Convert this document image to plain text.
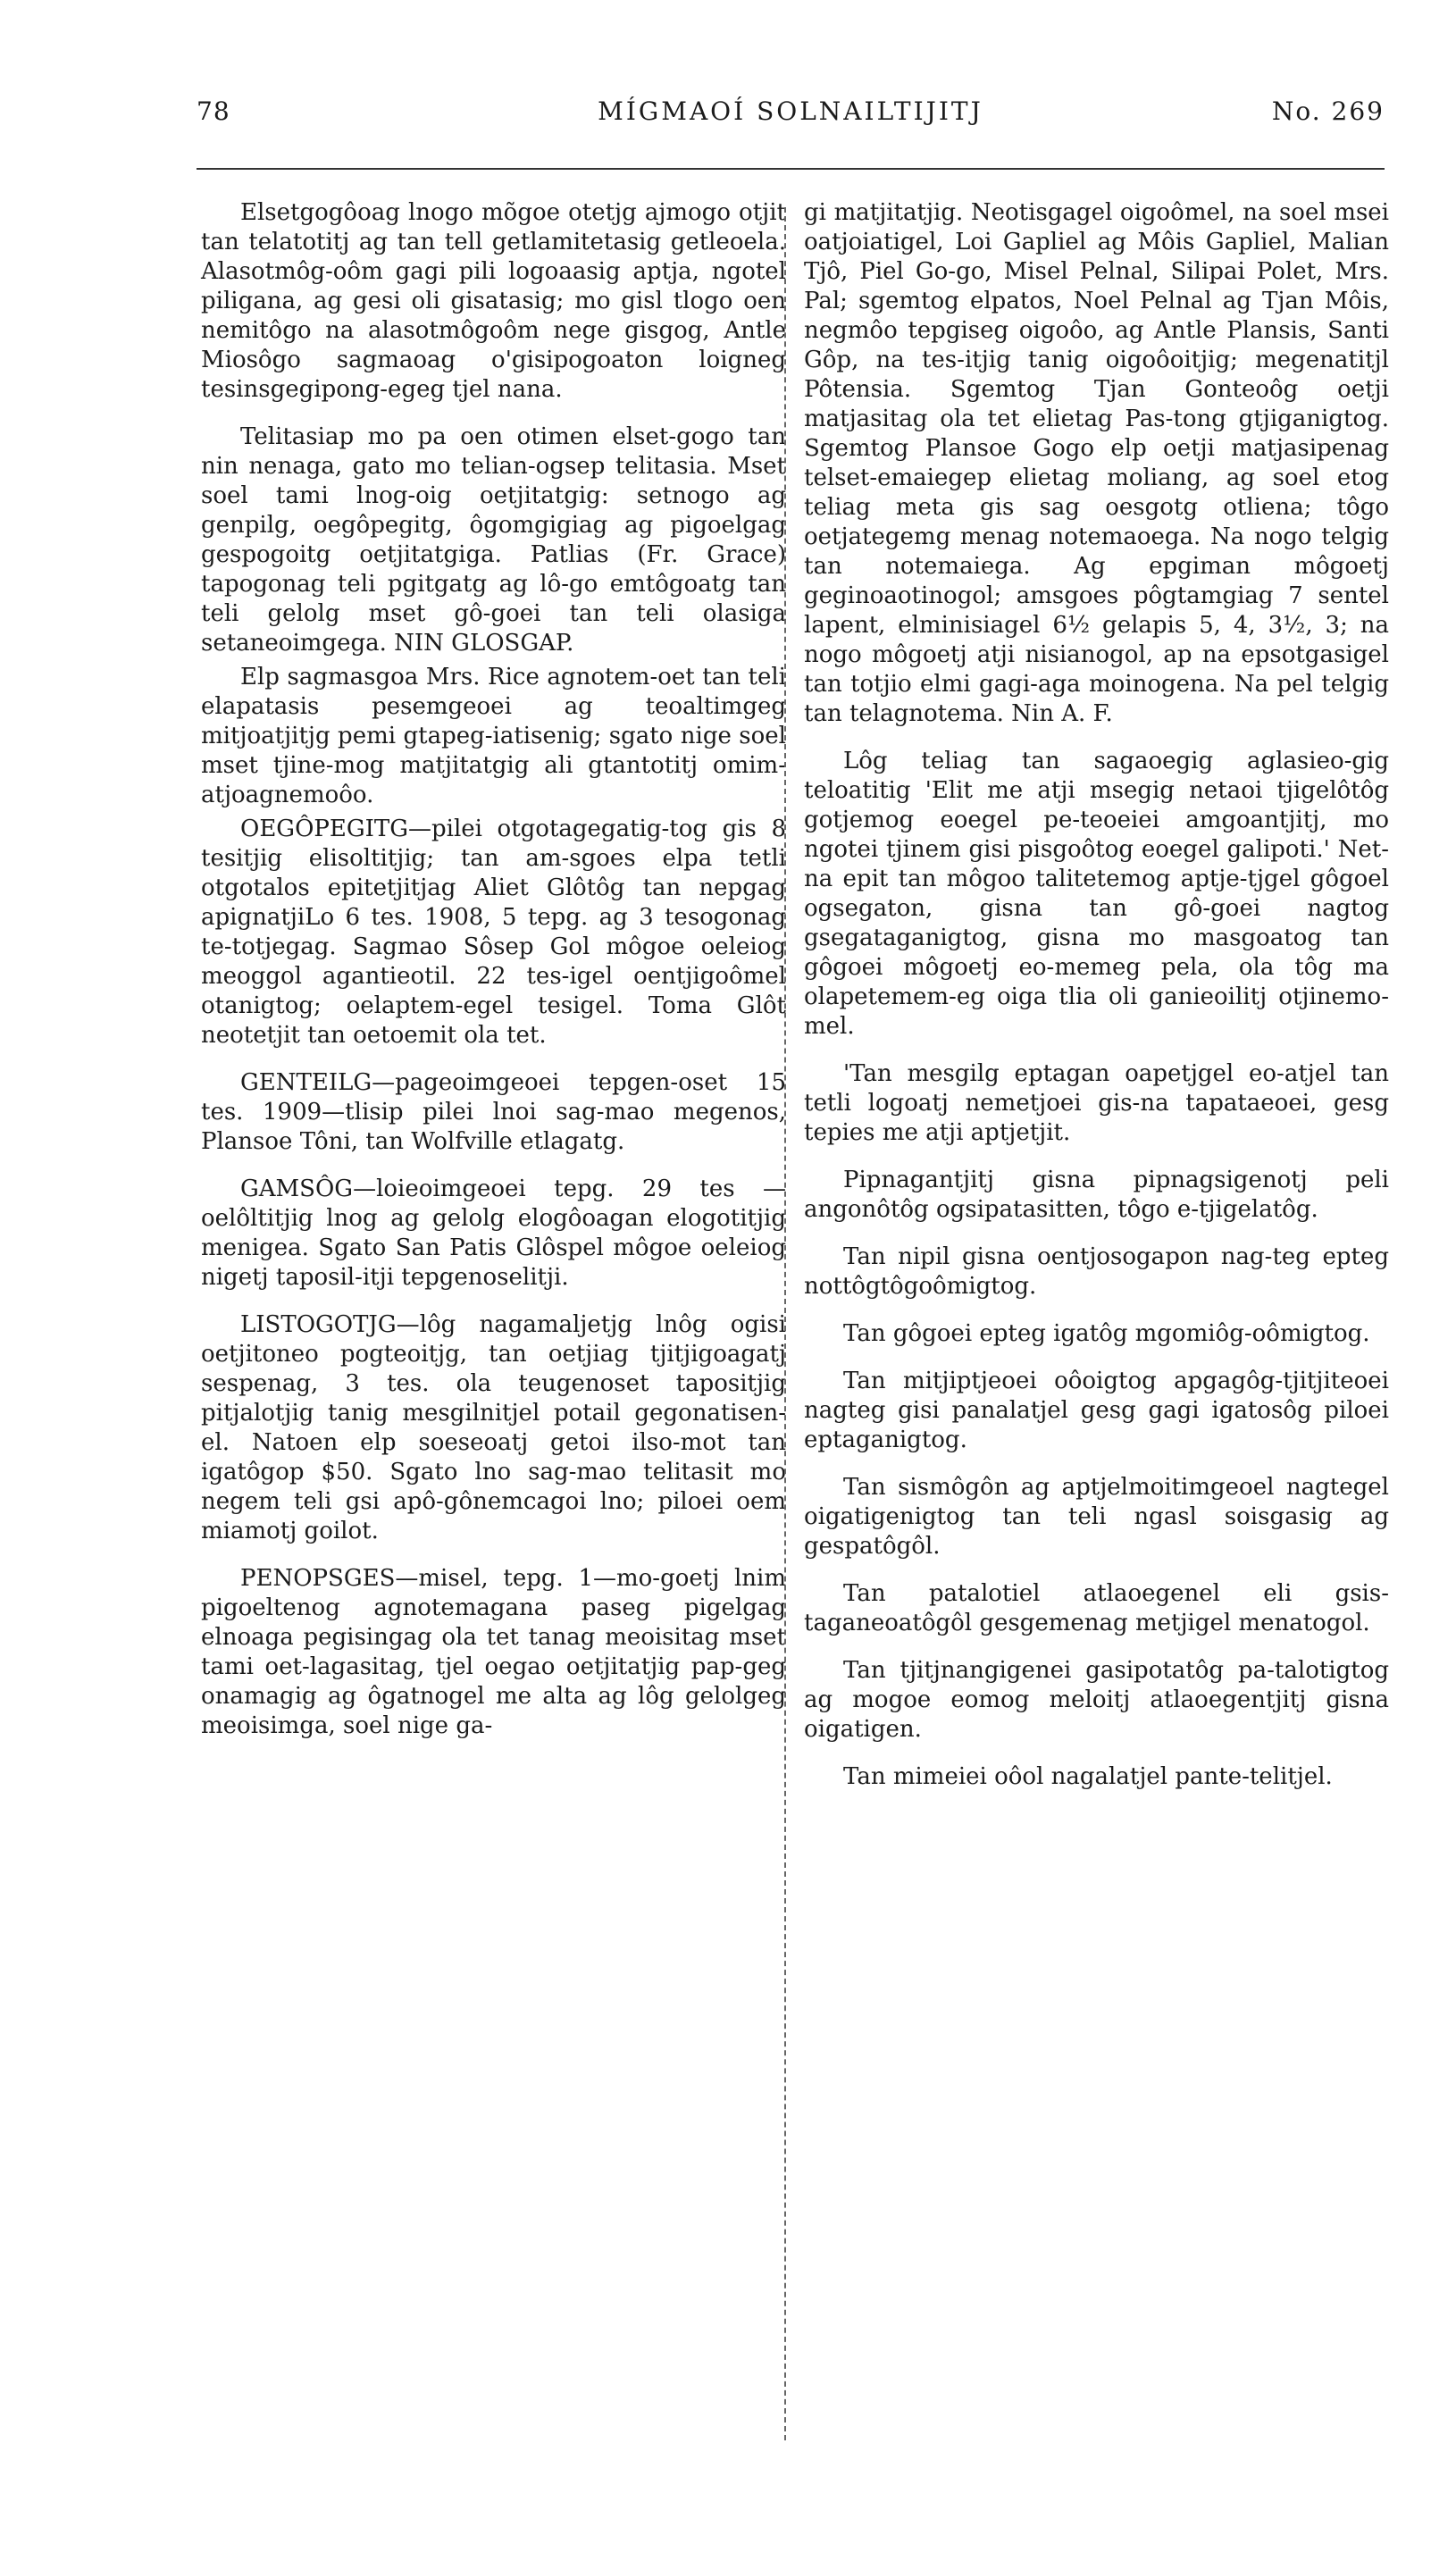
78	MÍGMAOÍ SOLNAILTIJITJ	No. 269

Elsetgogôoag lnogo mõgoe otetjg ajmogo otjit tan telatotitj ag tan tell getlamitetasig getleoela. Alasotmôg-oôm gagi pili logoaasig aptja, ngotel piligana, ag gesi oli gisatasig; mo gisl tlogo oen nemitôgo na alasotmôgoôm nege gisgog, Antle Miosôgo sagmaoag o'gisipogoaton loigneg tesinsgegipong-egeg tjel nana.

Telitasiap mo pa oen otimen elset-gogo tan nin nenaga, gato mo telian-ogsep telitasia. Mset soel tami lnog-oig oetjitatgig: setnogo ag genpilg, oegôpegitg, ôgomgigiag ag pigoelgag gespogoitg oetjitatgiga. Patlias (Fr. Grace) tapogonag teli pgitgatg ag lô-go emtôgoatg tan teli gelolg mset gô-goei tan teli olasiga setaneoimgega. NIN GLOSGAP.

Elp sagmasgoa Mrs. Rice agnotem-oet tan teli elapatasis pesemgeoei ag teoaltimgeg mitjoatjitjg pemi gtapeg-iatisenig; sgato nige soel mset tjine-mog matjitatgig ali gtantotitj omim-atjoagnemoôo.

OEGÔPEGITG—pilei otgotagegatig-tog gis 8 tesitjig elisoltitjig; tan am-sgoes elpa tetli otgotalos epitetjitjag Aliet Glôtôg tan nepgag apignatjiLo 6 tes. 1908, 5 tepg. ag 3 tesogonag te-totjegag. Sagmao Sôsep Gol môgoe oeleiog meoggol agantieotil. 22 tes-igel oentjigoômel otanigtog; oelaptem-egel tesigel. Toma Glôt neotetjit tan oetoemit ola tet.

GENTEILG—pageoimgeoei tepgen-oset 15 tes. 1909—tlisip pilei lnoi sag-mao megenos, Plansoe Tôni, tan Wolfville etlagatg.

GAMSÔG—loieoimgeoei tepg. 29 tes —oelôltitjig lnog ag gelolg elogôoagan elogotitjig menigea. Sgato San Patis Glôspel môgoe oeleiog nigetj taposil-itji tepgenoselitji.

LISTOGOTJG—lôg nagamaljetjg lnôg ogisi oetjitoneo pogteoitjg, tan oetjiag tjitjigoagatj sespenag, 3 tes. ola teugenoset tapositjig pitjalotjig tanig mesgilnitjel potail gegonatisen-el. Natoen elp soeseoatj getoi ilso-mot tan igatôgop $50. Sgato lno sag-mao telitasit mo negem teli gsi apô-gônemcagoi lno; piloei oem miamotj goilot.

PENOPSGES—misel, tepg. 1—mo-goetj lnim pigoeltenog agnotemagana paseg pigelgag elnoaga pegisingag ola tet tanag meoisitag mset tami oet-lagasitag, tjel oegao oetjitatjig pap-geg onamagig ag ôgatnogel me alta ag lôg gelolgeg meoisimga, soel nige ga-

gi matjitatjig. Neotisgagel oigoômel, na soel msei oatjoiatigel, Loi Gapliel ag Môis Gapliel, Malian Tjô, Piel Go-go, Misel Pelnal, Silipai Polet, Mrs. Pal; sgemtog elpatos, Noel Pelnal ag Tjan Môis, negmôo tepgiseg oigoôo, ag Antle Plansis, Santi Gôp, na tes-itjig tanig oigoôoitjig; megenatitjl Pôtensia. Sgemtog Tjan Gonteoôg oetji matjasitag ola tet elietag Pas-tong gtjiganigtog. Sgemtog Plansoe Gogo elp oetji matjasipenag telset-emaiegep elietag moliang, ag soel etog teliag meta gis sag oesgotg otliena; tôgo oetjategemg menag notemaoega. Na nogo telgig tan notemaiega. Ag epgiman môgoetj geginoaotinogol; amsgoes pôgtamgiag 7 sentel lapent, elminisiagel 6½ gelapis 5, 4, 3½, 3; na nogo môgoetj atji nisianogol, ap na epsotgasigel tan totjio elmi gagi-aga moinogena. Na pel telgig tan telagnotema. Nin A. F.

Lôg teliag tan sagaoegig aglasieo-gig teloatitig 'Elit me atji msegig netaoi tjigelôtôg gotjemog eoegel pe-teoeiei amgoantjitj, mo ngotei tjinem gisi pisgoôtog eoegel galipoti.' Net-na epit tan môgoo talitetemog aptje-tjgel gôgoel ogsegaton, gisna tan gô-goei nagtog gsegataganigtog, gisna mo masgoatog tan gôgoei môgoetj eo-memeg pela, ola tôg ma olapetemem-eg oiga tlia oli ganieoilitj otjinemo-mel.

'Tan mesgilg eptagan oapetjgel eo-atjel tan tetli logoatj nemetjoei gis-na tapataeoei, gesg tepies me atji aptjetjit.

Pipnagantjitj gisna pipnagsigenotj peli angonôtôg ogsipatasitten, tôgo e-tjigelatôg.

Tan nipil gisna oentjosogapon nag-teg epteg nottôgtôgoômigtog.

Tan gôgoei epteg igatôg mgomiôg-oômigtog.

Tan mitjiptjeoei oôoigtog apgagôg-tjitjiteoei nagteg gisi panalatjel gesg gagi igatosôg piloei eptaganigtog.

Tan sismôgôn ag aptjelmoitimgeoel nagtegel oigatigenigtog tan teli ngasl soisgasig ag gespatôgôl.

Tan patalotiel atlaoegenel eli gsis-taganeoatôgôl gesgemenag metjigel menatogol.

Tan tjitjnangigenei gasipotatôg pa-talotigtog ag mogoe eomog meloitj atlaoegentjitj gisna oigatigen.

Tan mimeiei oôol nagalatjel pante-telitjel.
